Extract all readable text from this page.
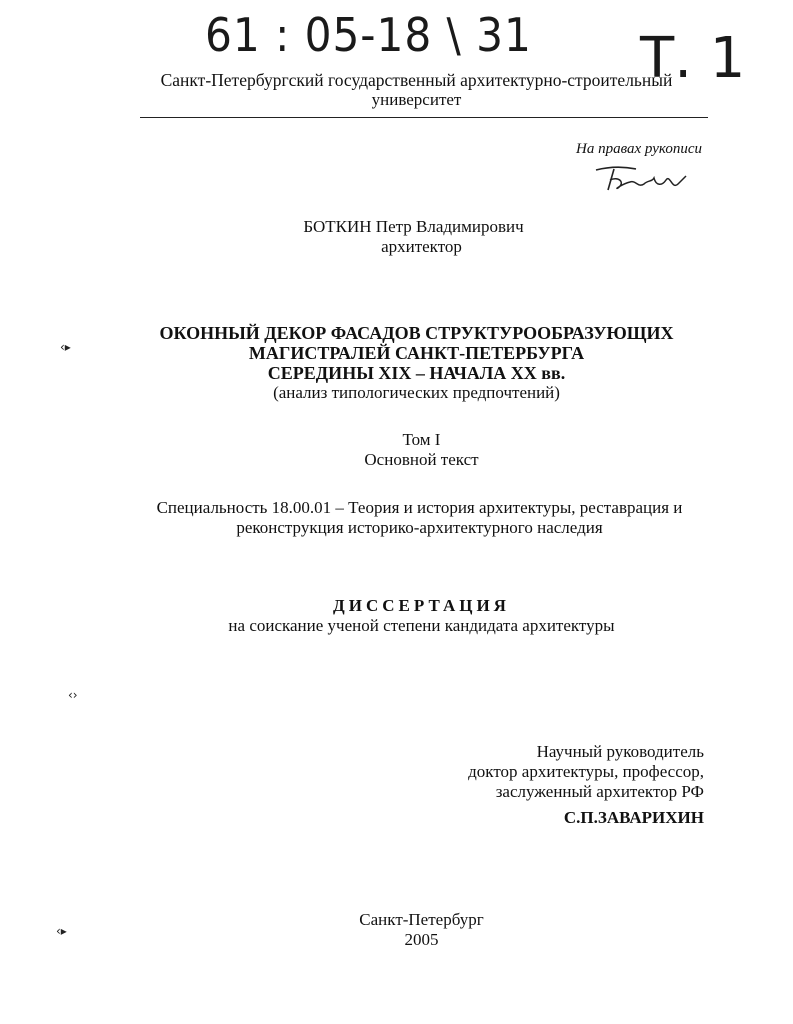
61 : 05-18 \ 31 Т. 1
Санкт-Петербургский государственный архитектурно-строительный
университет
На правах рукописи
БОТКИН Петр Владимирович
архитектор
‹▸
‹›
‹▸
ОКОННЫЙ ДЕКОР ФАСАДОВ СТРУКТУРООБРАЗУЮЩИХ
МАГИСТРАЛЕЙ САНКТ-ПЕТЕРБУРГА
СЕРЕДИНЫ XIX – НАЧАЛА XX вв.
(анализ типологических предпочтений)
Том I
Основной текст
Специальность 18.00.01 – Теория и история архитектуры, реставрация и
реконструкция историко-архитектурного наследия
ДИССЕРТАЦИЯ
на соискание ученой степени кандидата архитектуры
Научный руководитель
доктор архитектуры, профессор,
заслуженный архитектор РФ
С.П.ЗАВАРИХИН
Санкт-Петербург
2005
